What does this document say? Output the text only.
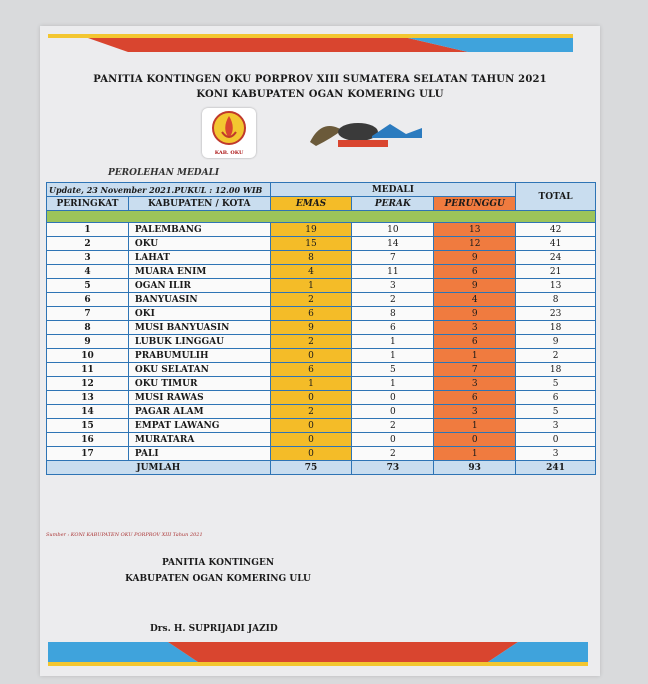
PANITIA KONTINGEN OKU PORPROV XIII SUMATERA SELATAN TAHUN 2021
KONI KABUPATEN OGAN KOMERING ULU
KAB. OKU
PEROLEHAN MEDALI
Update, 23 November 2021.PUKUL : 12.00 WIB		MEDALI			TOTAL
PERINGKAT	KABUPATEN / KOTA	EMAS	PERAK	PERUNGGU	

1	PALEMBANG	19	10	13	42
2	OKU	15	14	12	41
3	LAHAT	8	7	9	24
4	MUARA ENIM	4	11	6	21
5	OGAN ILIR	1	3	9	13
6	BANYUASIN	2	2	4	8
7	OKI	6	8	9	23
8	MUSI BANYUASIN	9	6	3	18
9	LUBUK LINGGAU	2	1	6	9
10	PRABUMULIH	0	1	1	2
11	OKU SELATAN	6	5	7	18
12	OKU TIMUR	1	1	3	5
13	MUSI RAWAS	0	0	6	6
14	PAGAR ALAM	2	0	3	5
15	EMPAT LAWANG	0	2	1	3
16	MURATARA	0	0	0	0
17	PALI	0	2	1	3
JUMLAH		75	73	93	241
Sumber : KONI KABUPATEN OKU PORPROV XIII Tahun 2021
PANITIA KONTINGEN
KABUPATEN OGAN KOMERING ULU
Drs. H. SUPRIJADI JAZID
